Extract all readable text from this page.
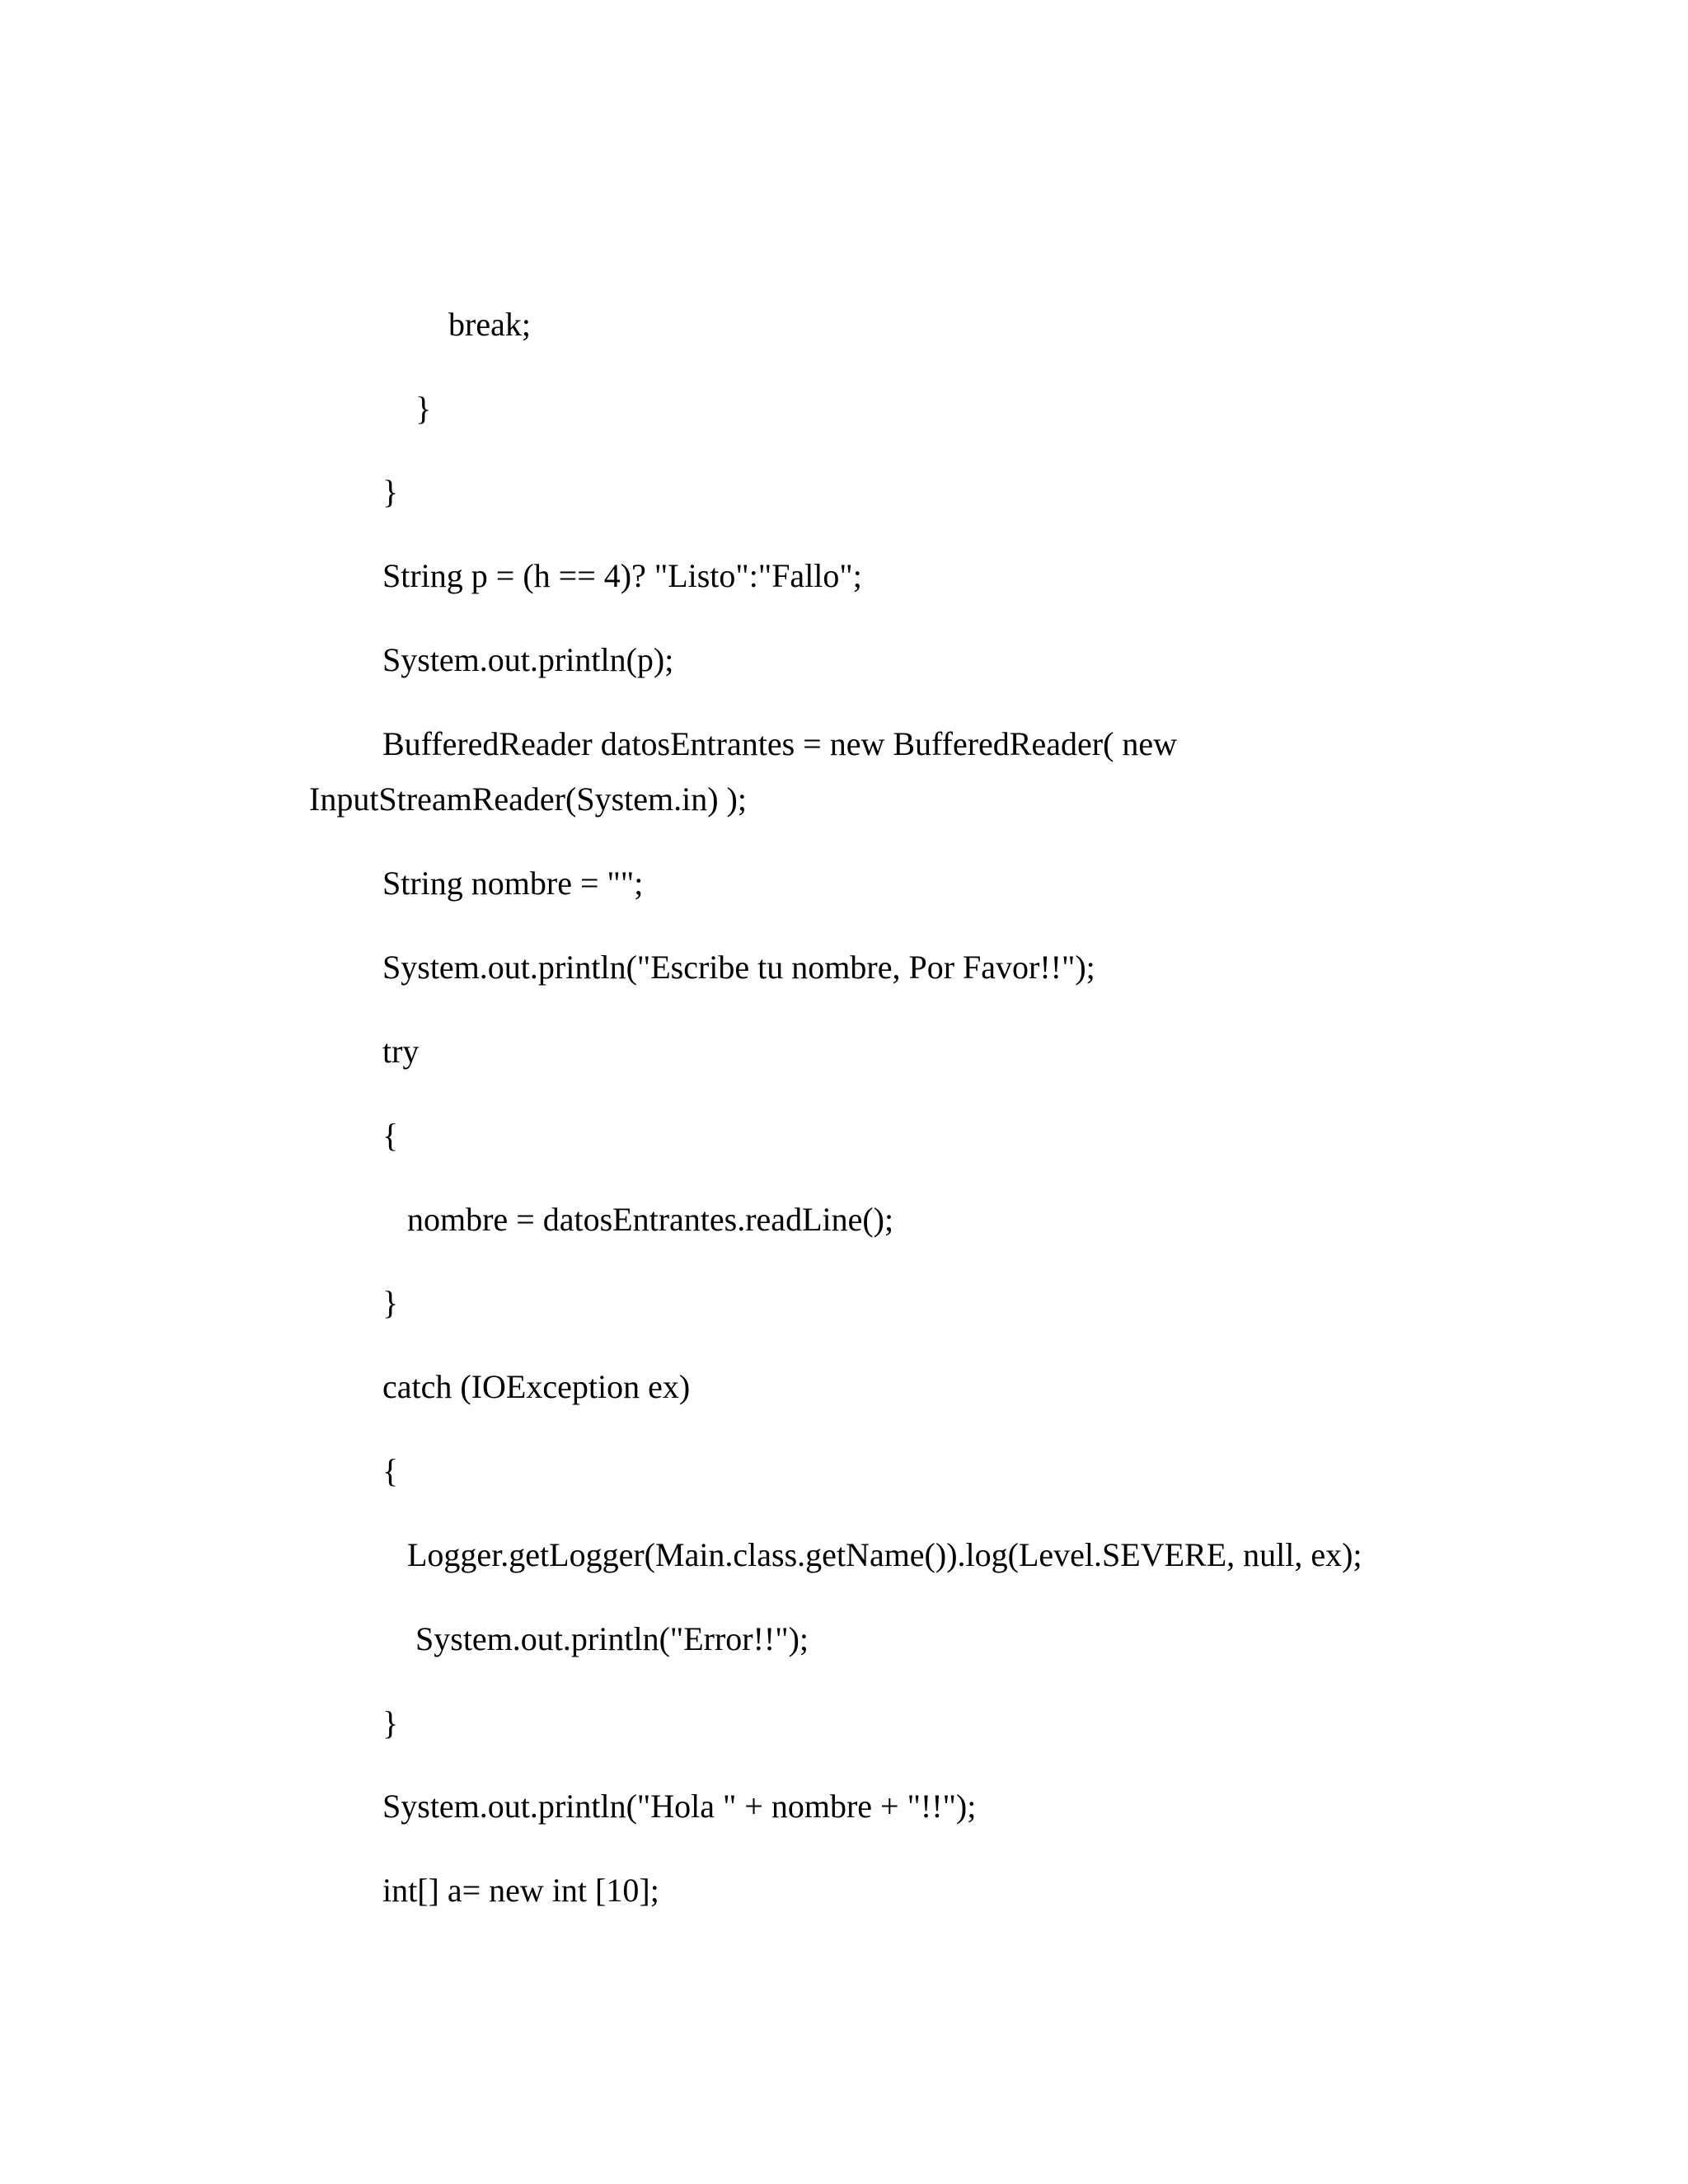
break;

}

}

String p = (h == 4)? "Listo":"Fallo";

System.out.println(p);

BufferedReader datosEntrantes = new BufferedReader( new

InputStreamReader(System.in) );

String nombre = "";

System.out.println("Escribe tu nombre, Por Favor!!");

try

{

nombre = datosEntrantes.readLine();

}

catch (IOException ex)

{

Logger.getLogger(Main.class.getName()).log(Level.SEVERE, null, ex);

System.out.println("Error!!");

}

System.out.println("Hola " + nombre + "!!");

int[] a= new int [10];
